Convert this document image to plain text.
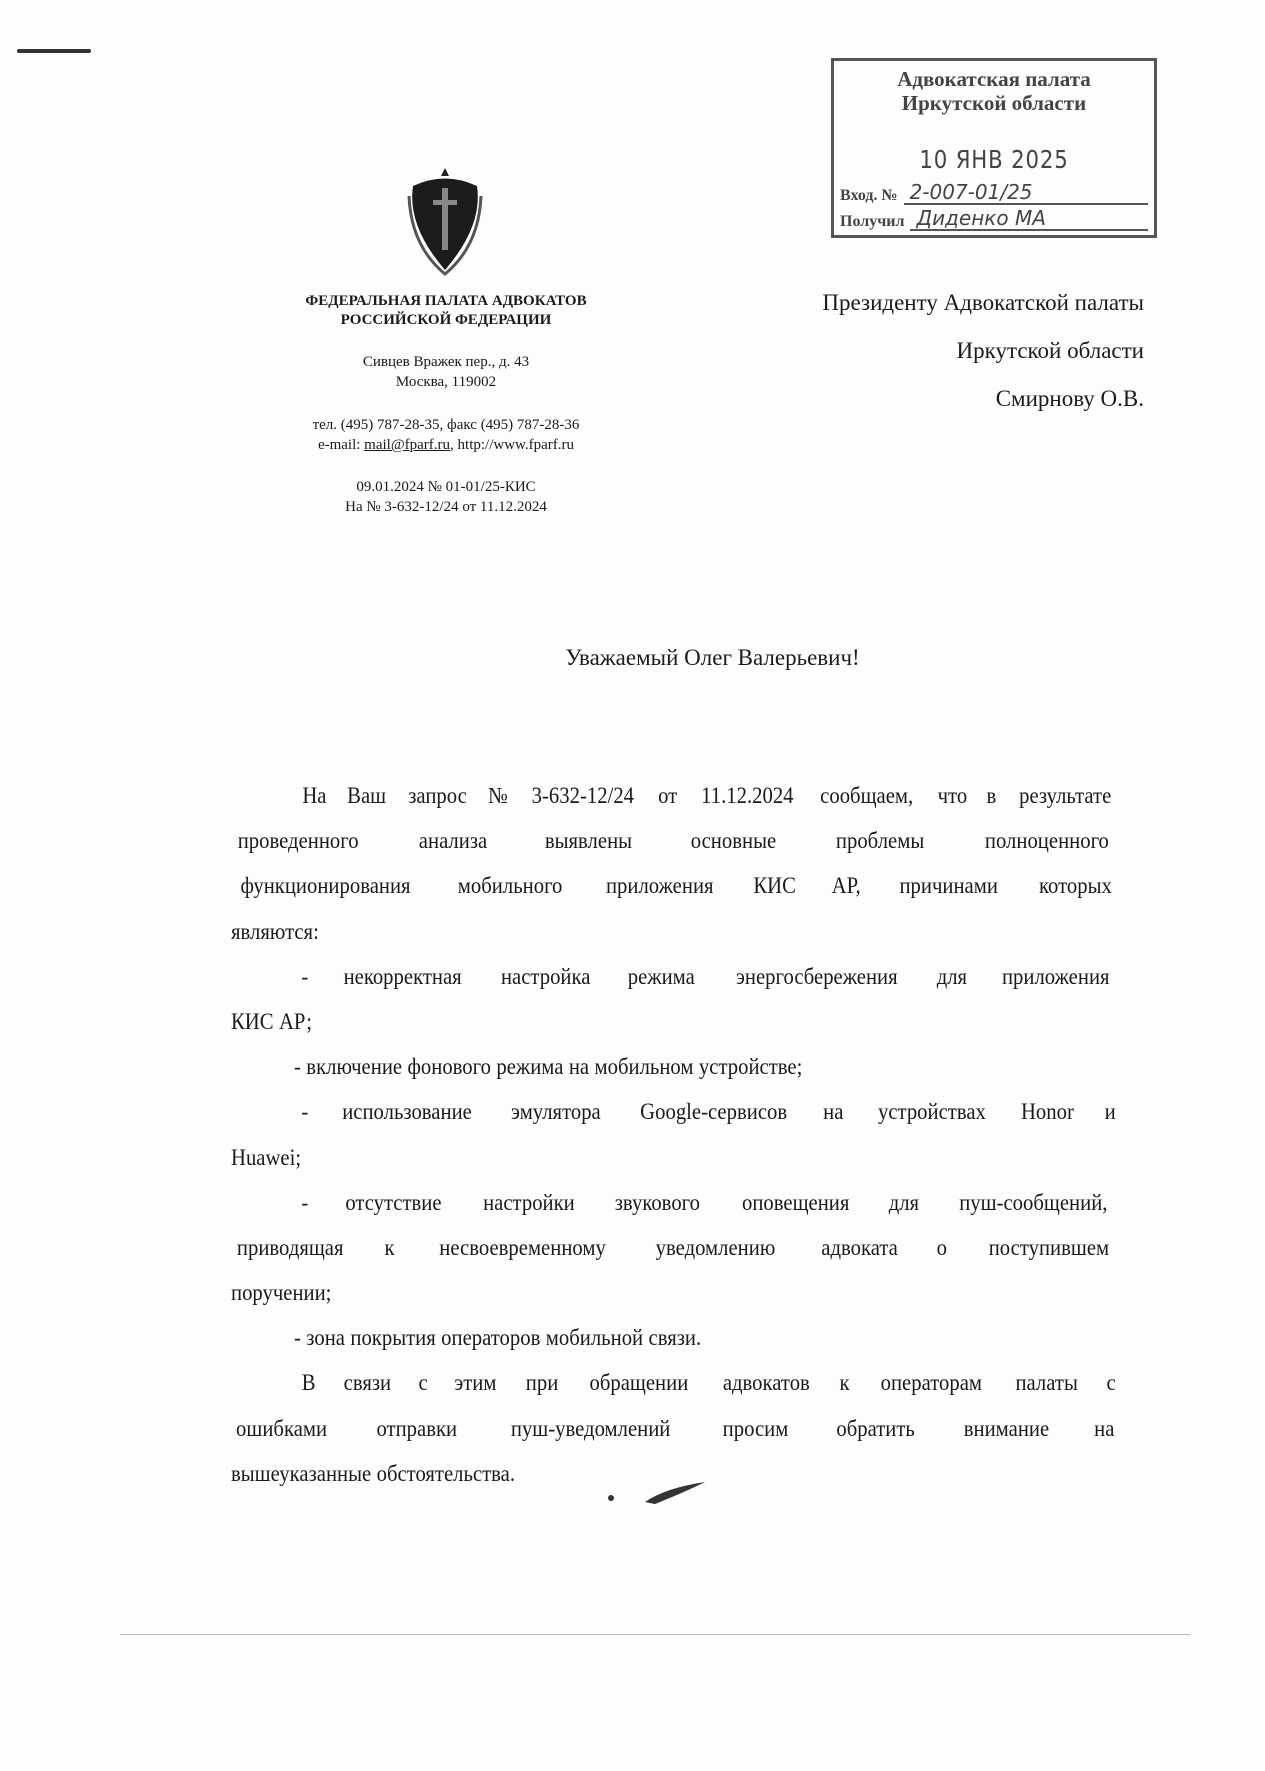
Адвокатская палата
Иркутской области
10 ЯНВ 2025
Вход. № 2-007-01/25
Получил Диденко МА
ФЕДЕРАЛЬНАЯ ПАЛАТА АДВОКАТОВ
РОССИЙСКОЙ ФЕДЕРАЦИИ
Сивцев Вражек пер., д. 43
Москва, 119002
тел. (495) 787-28-35, факс (495) 787-28-36
e-mail: mail@fparf.ru, http://www.fparf.ru
09.01.2024 № 01-01/25-КИС
На № 3-632-12/24 от 11.12.2024
Президенту Адвокатской палаты
Иркутской области
Смирнову О.В.
Уважаемый Олег Валерьевич!
На Ваш запрос № 3-632-12/24 от 11.12.2024 сообщаем, что в результате
проведенного	анализа	выявлены	основные	проблемы	полноценного
функционирования мобильного приложения КИС АР, причинами которых
являются:
- некорректная настройка режима энергосбережения для приложения
КИС АР;
- включение фонового режима на мобильном устройстве;
- использование эмулятора Google-сервисов на устройствах Honor и
Huawei;
- отсутствие настройки звукового оповещения для пуш-сообщений,
приводящая к несвоевременному уведомлению адвоката о поступившем
поручении;
- зона покрытия операторов мобильной связи.
В связи с этим при обращении адвокатов к операторам палаты с
ошибками отправки пуш-уведомлений просим обратить внимание на
вышеуказанные обстоятельства.
